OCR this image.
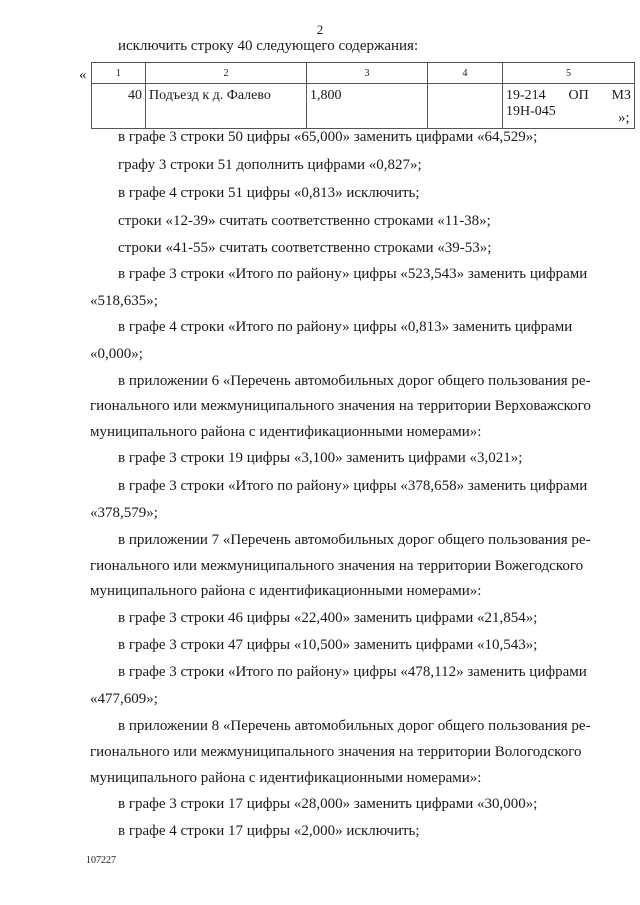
2
исключить строку 40 следующего содержания:
«	1	2	3	4	5
40	Подъезд к д. Фалево	1,800		19-214 ОП МЗ
19Н-045	»;
в графе 3 строки 50 цифры «65,000» заменить цифрами «64,529»;
графу 3 строки 51 дополнить цифрами «0,827»;
в графе 4 строки 51 цифры «0,813» исключить;
строки «12-39» считать соответственно строками «11-38»;
строки «41-55» считать соответственно строками «39-53»;
в графе 3 строки «Итого по району» цифры «523,543» заменить цифрами
«518,635»;
в графе 4 строки «Итого по району» цифры «0,813» заменить цифрами
«0,000»;
в приложении 6 «Перечень автомобильных дорог общего пользования ре-
гионального или межмуниципального значения на территории Верховажского
муниципального района с идентификационными номерами»:
в графе 3 строки 19 цифры «3,100» заменить цифрами «3,021»;
в графе 3 строки «Итого по району» цифры «378,658» заменить цифрами
«378,579»;
в приложении 7 «Перечень автомобильных дорог общего пользования ре-
гионального или межмуниципального значения на территории Вожегодского
муниципального района с идентификационными номерами»:
в графе 3 строки 46 цифры «22,400» заменить цифрами «21,854»;
в графе 3 строки 47 цифры «10,500» заменить цифрами «10,543»;
в графе 3 строки «Итого по району» цифры «478,112» заменить цифрами
«477,609»;
в приложении 8 «Перечень автомобильных дорог общего пользования ре-
гионального или межмуниципального значения на территории Вологодского
муниципального района с идентификационными номерами»:
в графе 3 строки 17 цифры «28,000» заменить цифрами «30,000»;
в графе 4 строки 17 цифры «2,000» исключить;
107227
